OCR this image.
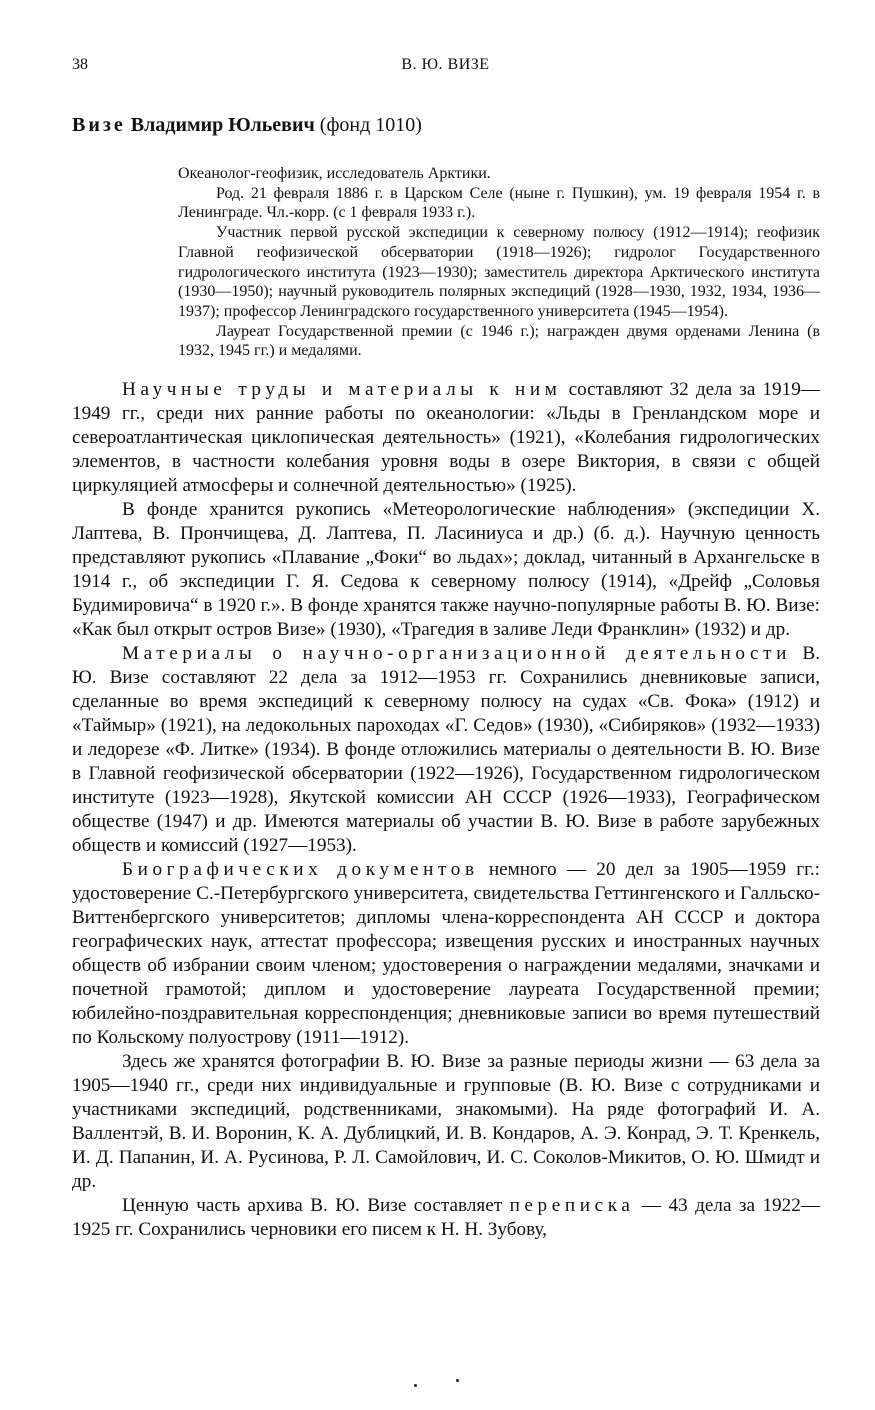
38	В. Ю. ВИЗЕ
Визе Владимир Юльевич (фонд 1010)

Океанолог-геофизик, исследователь Арктики.

Род. 21 февраля 1886 г. в Царском Селе (ныне г. Пушкин), ум. 19 февраля 1954 г. в Ленинграде. Чл.-корр. (с 1 февраля 1933 г.).

Участник первой русской экспедиции к северному полюсу (1912—1914); геофизик Главной геофизической обсерватории (1918—1926); гидролог Государственного гидрологического института (1923—1930); заместитель директора Арктического института (1930—1950); научный руководитель полярных экспедиций (1928—1930, 1932, 1934, 1936—1937); профессор Ленинградского государственного университета (1945—1954).

Лауреат Государственной премии (с 1946 г.); награжден двумя орденами Ленина (в 1932, 1945 гг.) и медалями.

Научные труды и материалы к ним составляют 32 дела за 1919—1949 гг., среди них ранние работы по океанологии: «Льды в Гренландском море и североатлантическая циклопическая деятельность» (1921), «Колебания гидрологических элементов, в частности колебания уровня воды в озере Виктория, в связи с общей циркуляцией атмосферы и солнечной деятельностью» (1925).

В фонде хранится рукопись «Метеорологические наблюдения» (экспедиции Х. Лаптева, В. Прончищева, Д. Лаптева, П. Ласиниуса и др.) (б. д.). Научную ценность представляют рукопись «Плавание „Фоки“ во льдах»; доклад, читанный в Архангельске в 1914 г., об экспедиции Г. Я. Седова к северному полюсу (1914), «Дрейф „Соловья Будимировича“ в 1920 г.». В фонде хранятся также научно-популярные работы В. Ю. Визе: «Как был открыт остров Визе» (1930), «Трагедия в заливе Леди Франклин» (1932) и др.

Материалы о научно-организационной деятельности В. Ю. Визе составляют 22 дела за 1912—1953 гг. Сохранились дневниковые записи, сделанные во время экспедиций к северному полюсу на судах «Св. Фока» (1912) и «Таймыр» (1921), на ледокольных пароходах «Г. Седов» (1930), «Сибиряков» (1932—1933) и ледорезе «Ф. Литке» (1934). В фонде отложились материалы о деятельности В. Ю. Визе в Главной геофизической обсерватории (1922—1926), Государственном гидрологическом институте (1923—1928), Якутской комиссии АН СССР (1926—1933), Географическом обществе (1947) и др. Имеются материалы об участии В. Ю. Визе в работе зарубежных обществ и комиссий (1927—1953).

Биографических документов немного — 20 дел за 1905—1959 гг.: удостоверение С.-Петербургского университета, свидетельства Геттингенского и Галльско-Виттенбергского университетов; дипломы члена-корреспондента АН СССР и доктора географических наук, аттестат профессора; извещения русских и иностранных научных обществ об избрании своим членом; удостоверения о награждении медалями, значками и почетной грамотой; диплом и удостоверение лауреата Государственной премии; юбилейно-поздравительная корреспонденция; дневниковые записи во время путешествий по Кольскому полуострову (1911—1912).

Здесь же хранятся фотографии В. Ю. Визе за разные периоды жизни — 63 дела за 1905—1940 гг., среди них индивидуальные и групповые (В. Ю. Визе с сотрудниками и участниками экспедиций, родственниками, знакомыми). На ряде фотографий И. А. Валлентэй, В. И. Воронин, К. А. Дублицкий, И. В. Кондаров, А. Э. Конрад, Э. Т. Кренкель, И. Д. Папанин, И. А. Русинова, Р. Л. Самойлович, И. С. Соколов-Микитов, О. Ю. Шмидт и др.

Ценную часть архива В. Ю. Визе составляет переписка — 43 дела за 1922—1925 гг. Сохранились черновики его писем к Н. Н. Зубову,
